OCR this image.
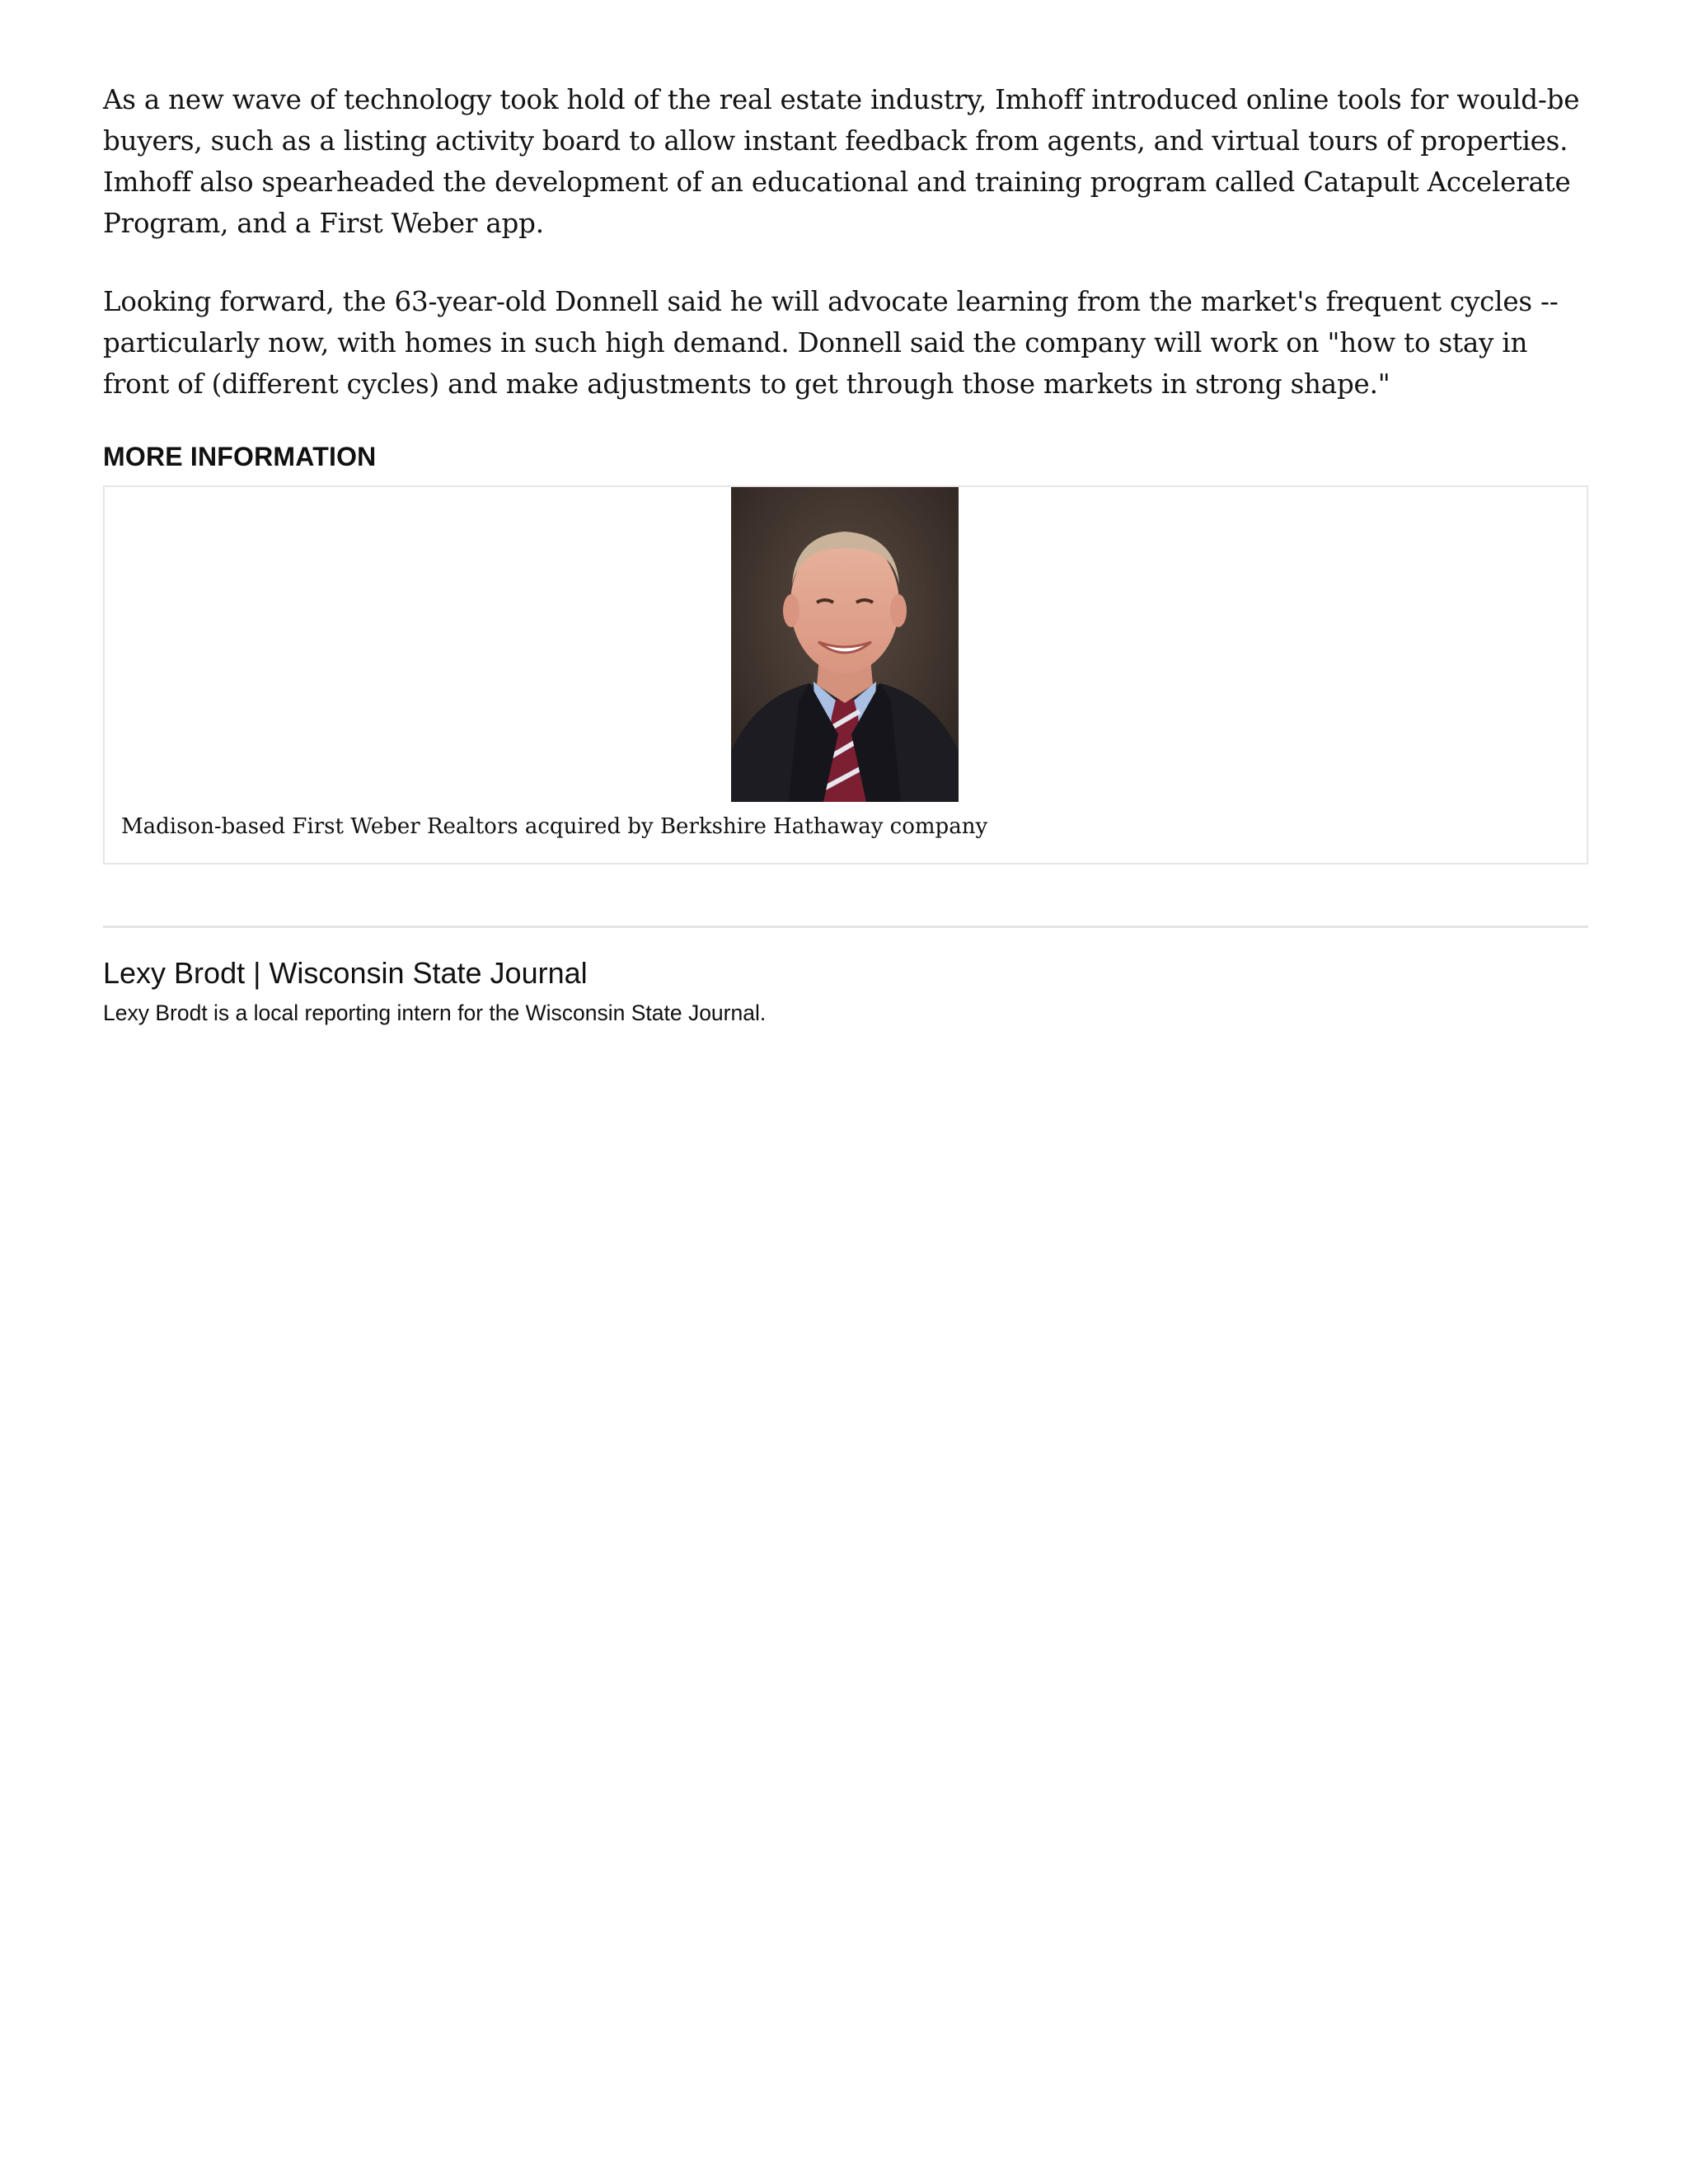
As a new wave of technology took hold of the real estate industry, Imhoff introduced online tools for would-be buyers, such as a listing activity board to allow instant feedback from agents, and virtual tours of properties. Imhoff also spearheaded the development of an educational and training program called Catapult Accelerate Program, and a First Weber app.

Looking forward, the 63-year-old Donnell said he will advocate learning from the market's frequent cycles -- particularly now, with homes in such high demand. Donnell said the company will work on "how to stay in front of (different cycles) and make adjustments to get through those markets in strong shape."

MORE INFORMATION

Madison-based First Weber Realtors acquired by Berkshire Hathaway company

Lexy Brodt | Wisconsin State Journal

Lexy Brodt is a local reporting intern for the Wisconsin State Journal.
